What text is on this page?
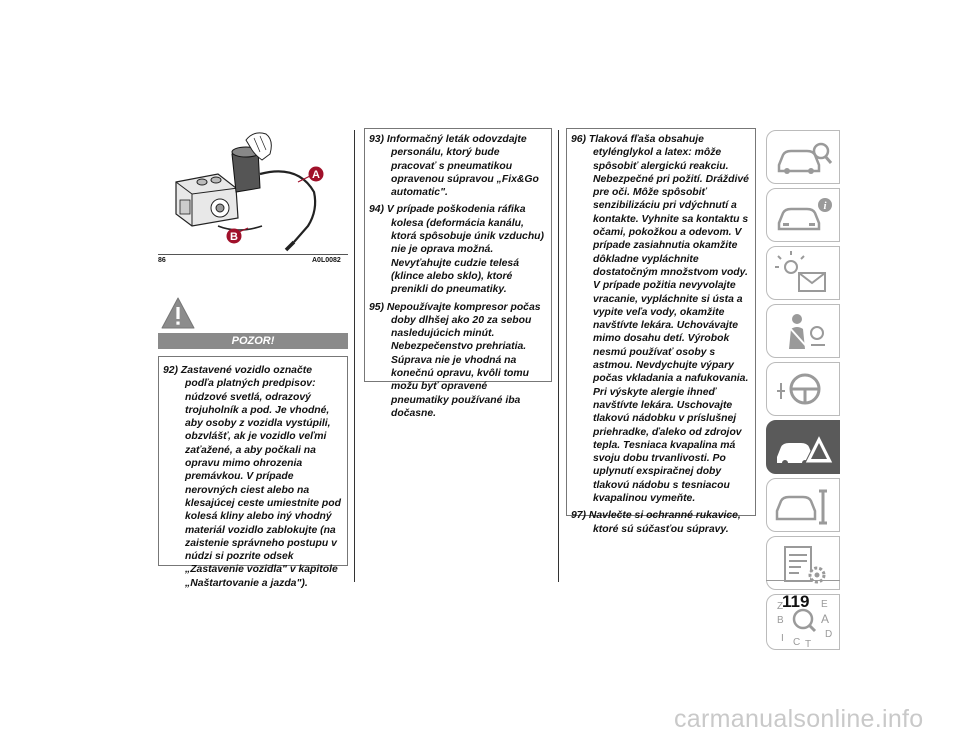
A
B
86	A0L0082
POZOR!

92) Zastavené vozidlo označte podľa platných predpisov: núdzové svetlá, odrazový trojuholník a pod. Je vhodné, aby osoby z vozidla vystúpili, obzvlášť, ak je vozidlo veľmi zaťažené, a aby počkali na opravu mimo ohrozenia premávkou. V prípade nerovných ciest alebo na klesajúcej ceste umiestnite pod kolesá kliny alebo iný vhodný materiál vozidlo zablokujte (na zaistenie správneho postupu v núdzi si pozrite odsek „Zastavenie vozidla" v kapitole „Naštartovanie a jazda").

93) Informačný leták odovzdajte personálu, ktorý bude pracovať s pneumatikou opravenou súpravou „Fix&Go automatic".

94) V prípade poškodenia ráfika kolesa (deformácia kanálu, ktorá spôsobuje únik vzduchu) nie je oprava možná. Nevyťahujte cudzie telesá (klince alebo sklo), ktoré prenikli do pneumatiky.

95) Nepoužívajte kompresor počas doby dlhšej ako 20 za sebou nasledujúcich minút. Nebezpečenstvo prehriatia. Súprava nie je vhodná na konečnú opravu, kvôli tomu možu byť opravené pneumatiky používané iba dočasne.

96) Tlaková fľaša obsahuje etylénglykol a latex: môže spôsobiť alergickú reakciu. Nebezpečné pri požití. Dráždivé pre oči. Môže spôsobiť senzibilizáciu pri vdýchnutí a kontakte. Vyhnite sa kontaktu s očami, pokožkou a odevom. V prípade zasiahnutia okamžite dôkladne vypláchnite dostatočným množstvom vody. V prípade požitia nevyvolajte vracanie, vypláchnite si ústa a vypite veľa vody, okamžite navštívte lekára. Uchovávajte mimo dosahu detí. Výrobok nesmú používať osoby s astmou. Nevdychujte výpary počas vkladania a nafukovania. Pri výskyte alergie ihneď navštívte lekára. Uschovajte tlakovú nádobku v príslušnej priehradke, ďaleko od zdrojov tepla. Tesniaca kvapalina má svoju dobu trvanlivosti. Po uplynutí exspiračnej doby tlakovú nádobu s tesniacou kvapalinou vymeňte.

97) Navlečte si ochranné rukavice, ktoré sú súčasťou súpravy.

i
Z	E
B	A
D
I C T
119
carmanualsonline.info
